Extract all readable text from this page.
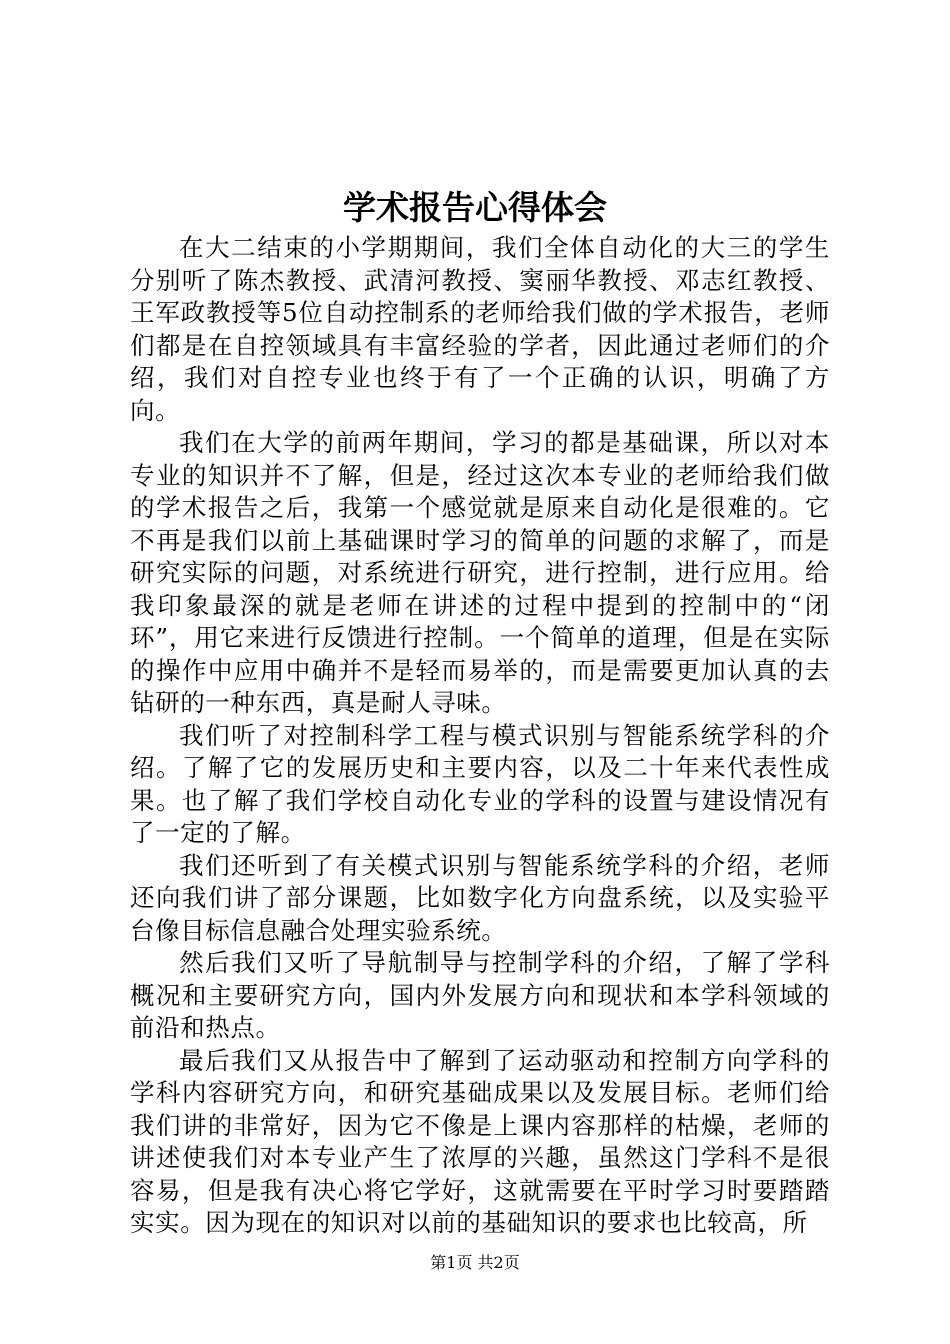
学术报告心得体会

在大二结束的小学期期间，我们全体自动化的大三的学生分别听了陈杰教授、武清河教授、窦丽华教授、邓志红教授、王军政教授等5位自动控制系的老师给我们做的学术报告，老师们都是在自控领域具有丰富经验的学者，因此通过老师们的介绍，我们对自控专业也终于有了一个正确的认识，明确了方向。

我们在大学的前两年期间，学习的都是基础课，所以对本专业的知识并不了解，但是，经过这次本专业的老师给我们做的学术报告之后，我第一个感觉就是原来自动化是很难的。它不再是我们以前上基础课时学习的简单的问题的求解了，而是研究实际的问题，对系统进行研究，进行控制，进行应用。给我印象最深的就是老师在讲述的过程中提到的控制中的“闭环”，用它来进行反馈进行控制。一个简单的道理，但是在实际的操作中应用中确并不是轻而易举的，而是需要更加认真的去钻研的一种东西，真是耐人寻味。

我们听了对控制科学工程与模式识别与智能系统学科的介绍。了解了它的发展历史和主要内容，以及二十年来代表性成果。也了解了我们学校自动化专业的学科的设置与建设情况有了一定的了解。

我们还听到了有关模式识别与智能系统学科的介绍，老师还向我们讲了部分课题，比如数字化方向盘系统，以及实验平台像目标信息融合处理实验系统。

然后我们又听了导航制导与控制学科的介绍，了解了学科概况和主要研究方向，国内外发展方向和现状和本学科领域的前沿和热点。

最后我们又从报告中了解到了运动驱动和控制方向学科的学科内容研究方向，和研究基础成果以及发展目标。老师们给我们讲的非常好，因为它不像是上课内容那样的枯燥，老师的讲述使我们对本专业产生了浓厚的兴趣，虽然这门学科不是很容易，但是我有决心将它学好，这就需要在平时学习时要踏踏实实。因为现在的知识对以前的基础知识的要求也比较高，所

第1页 共2页
